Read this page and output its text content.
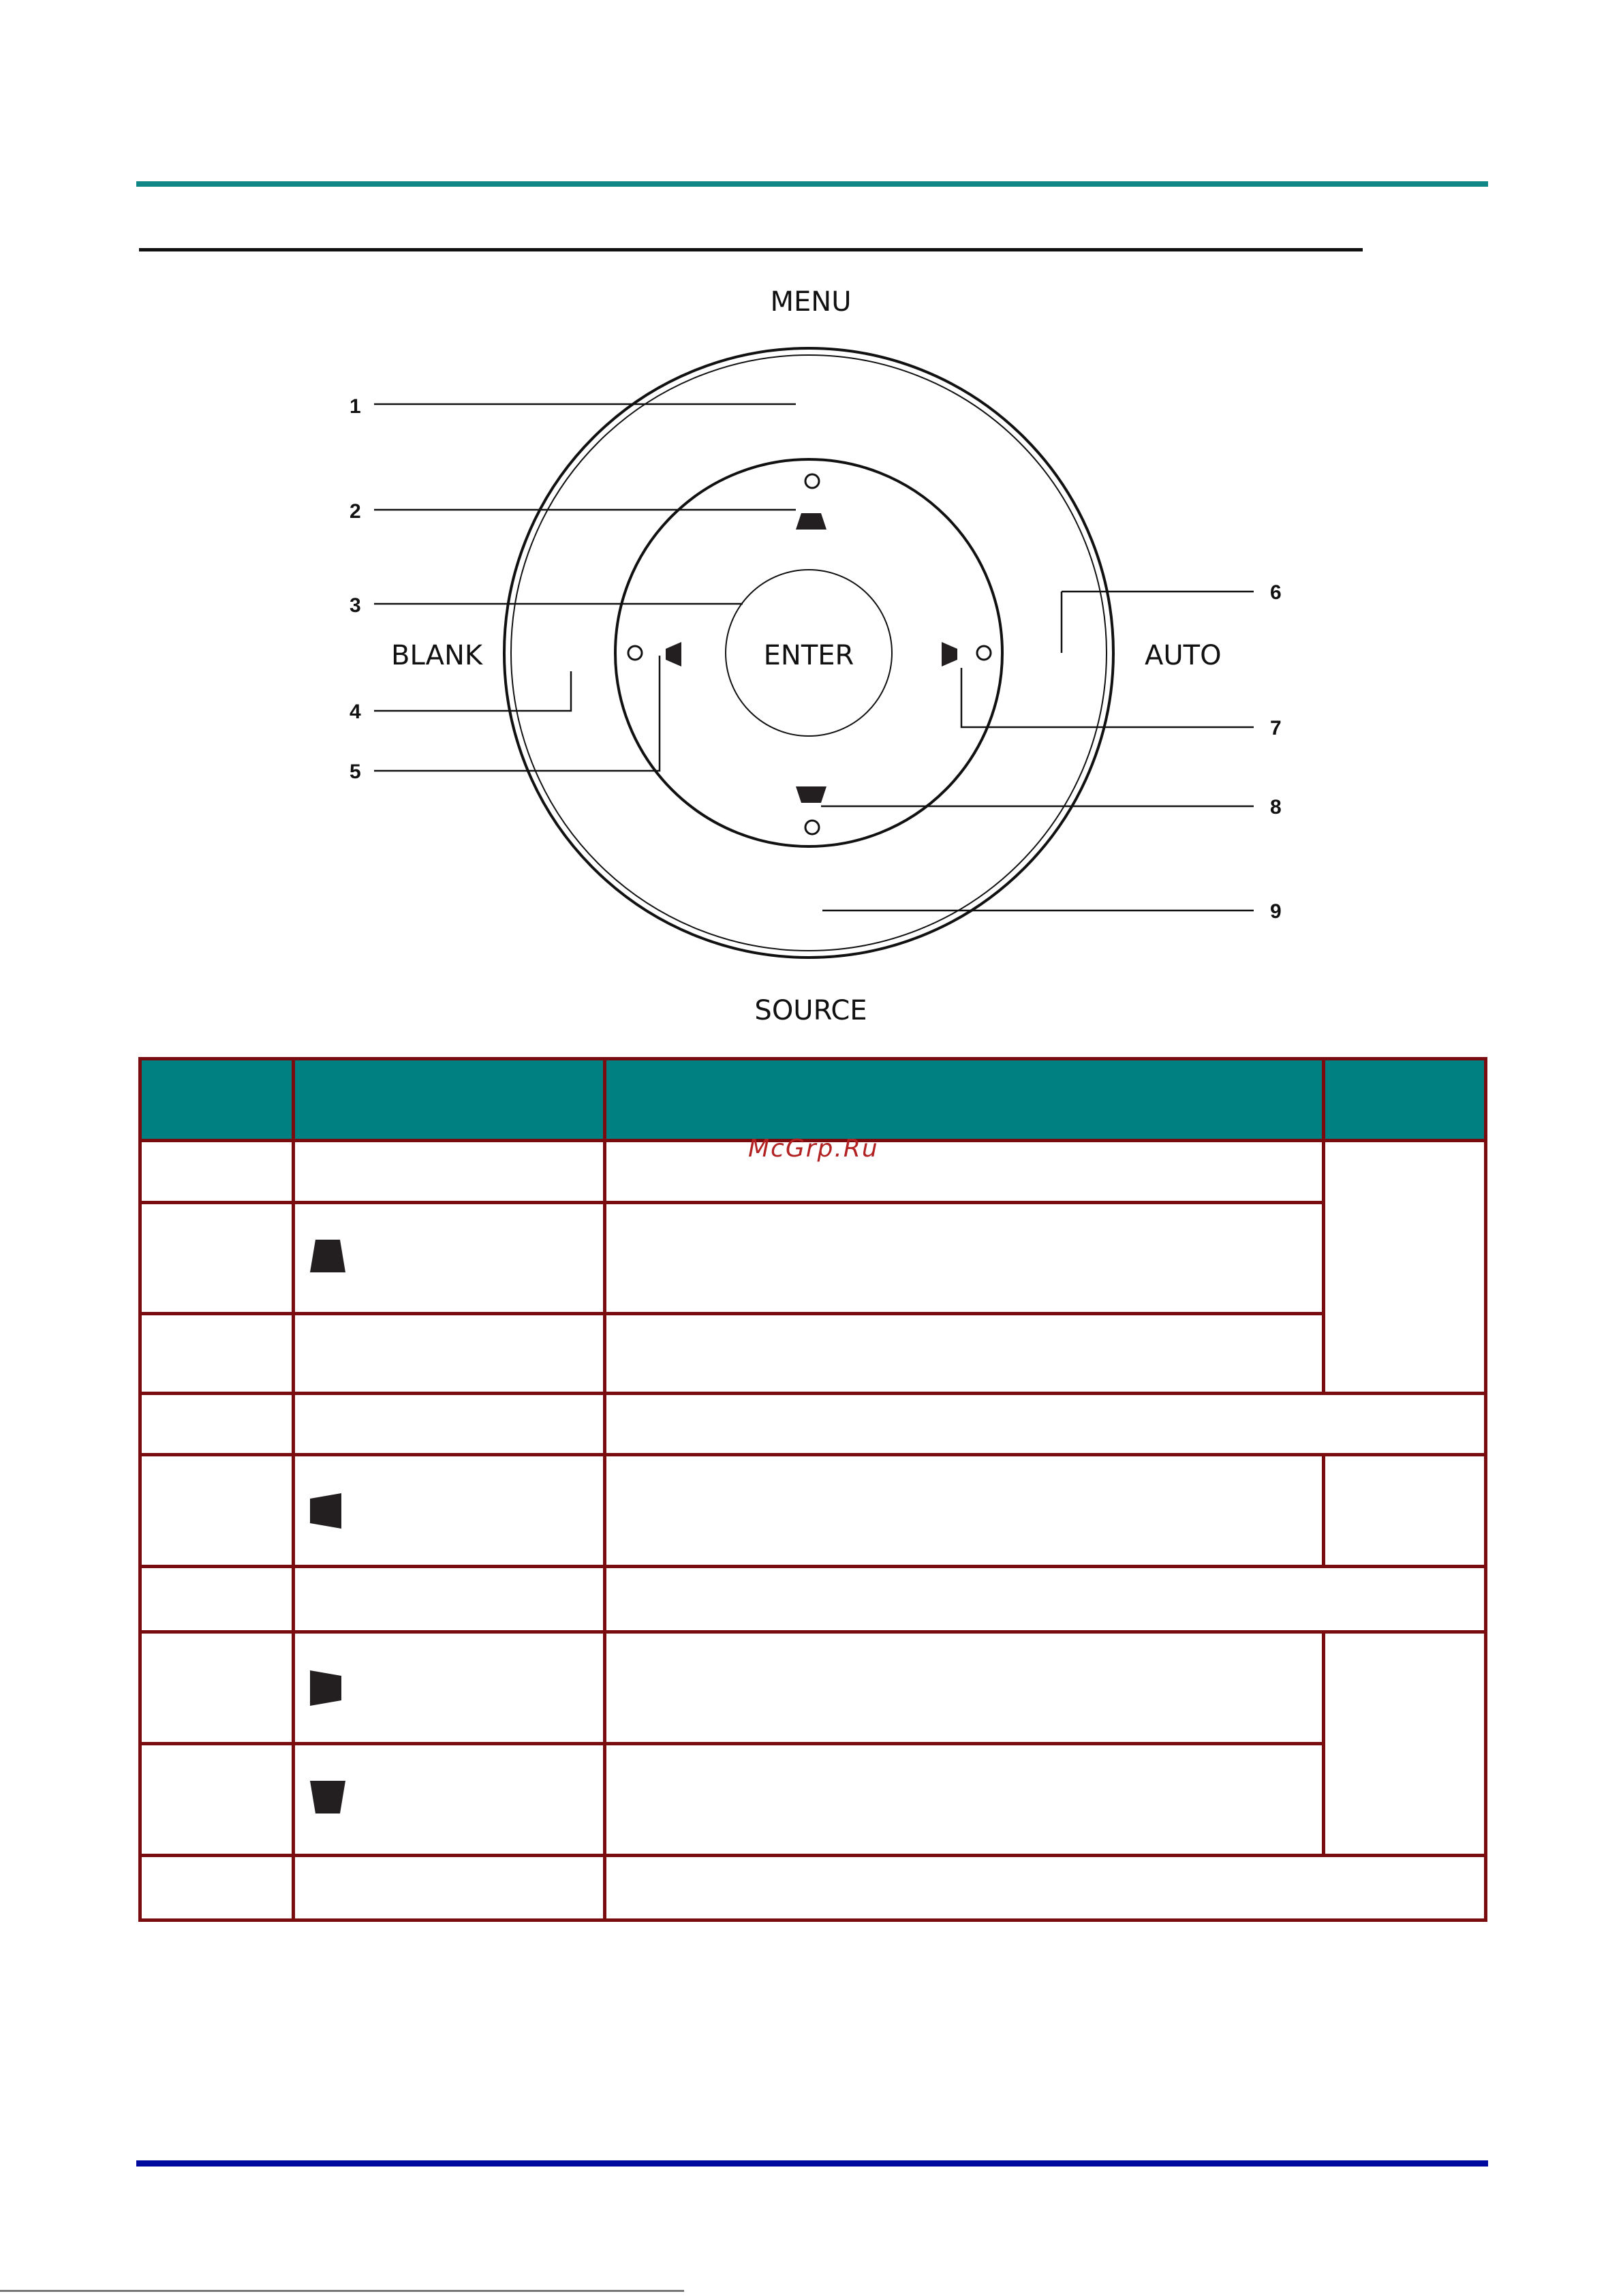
MENU
SOURCE
BLANK	AUTO
ENTER
1
2
3
4
5
6
7
8
9

McGrp.Ru
